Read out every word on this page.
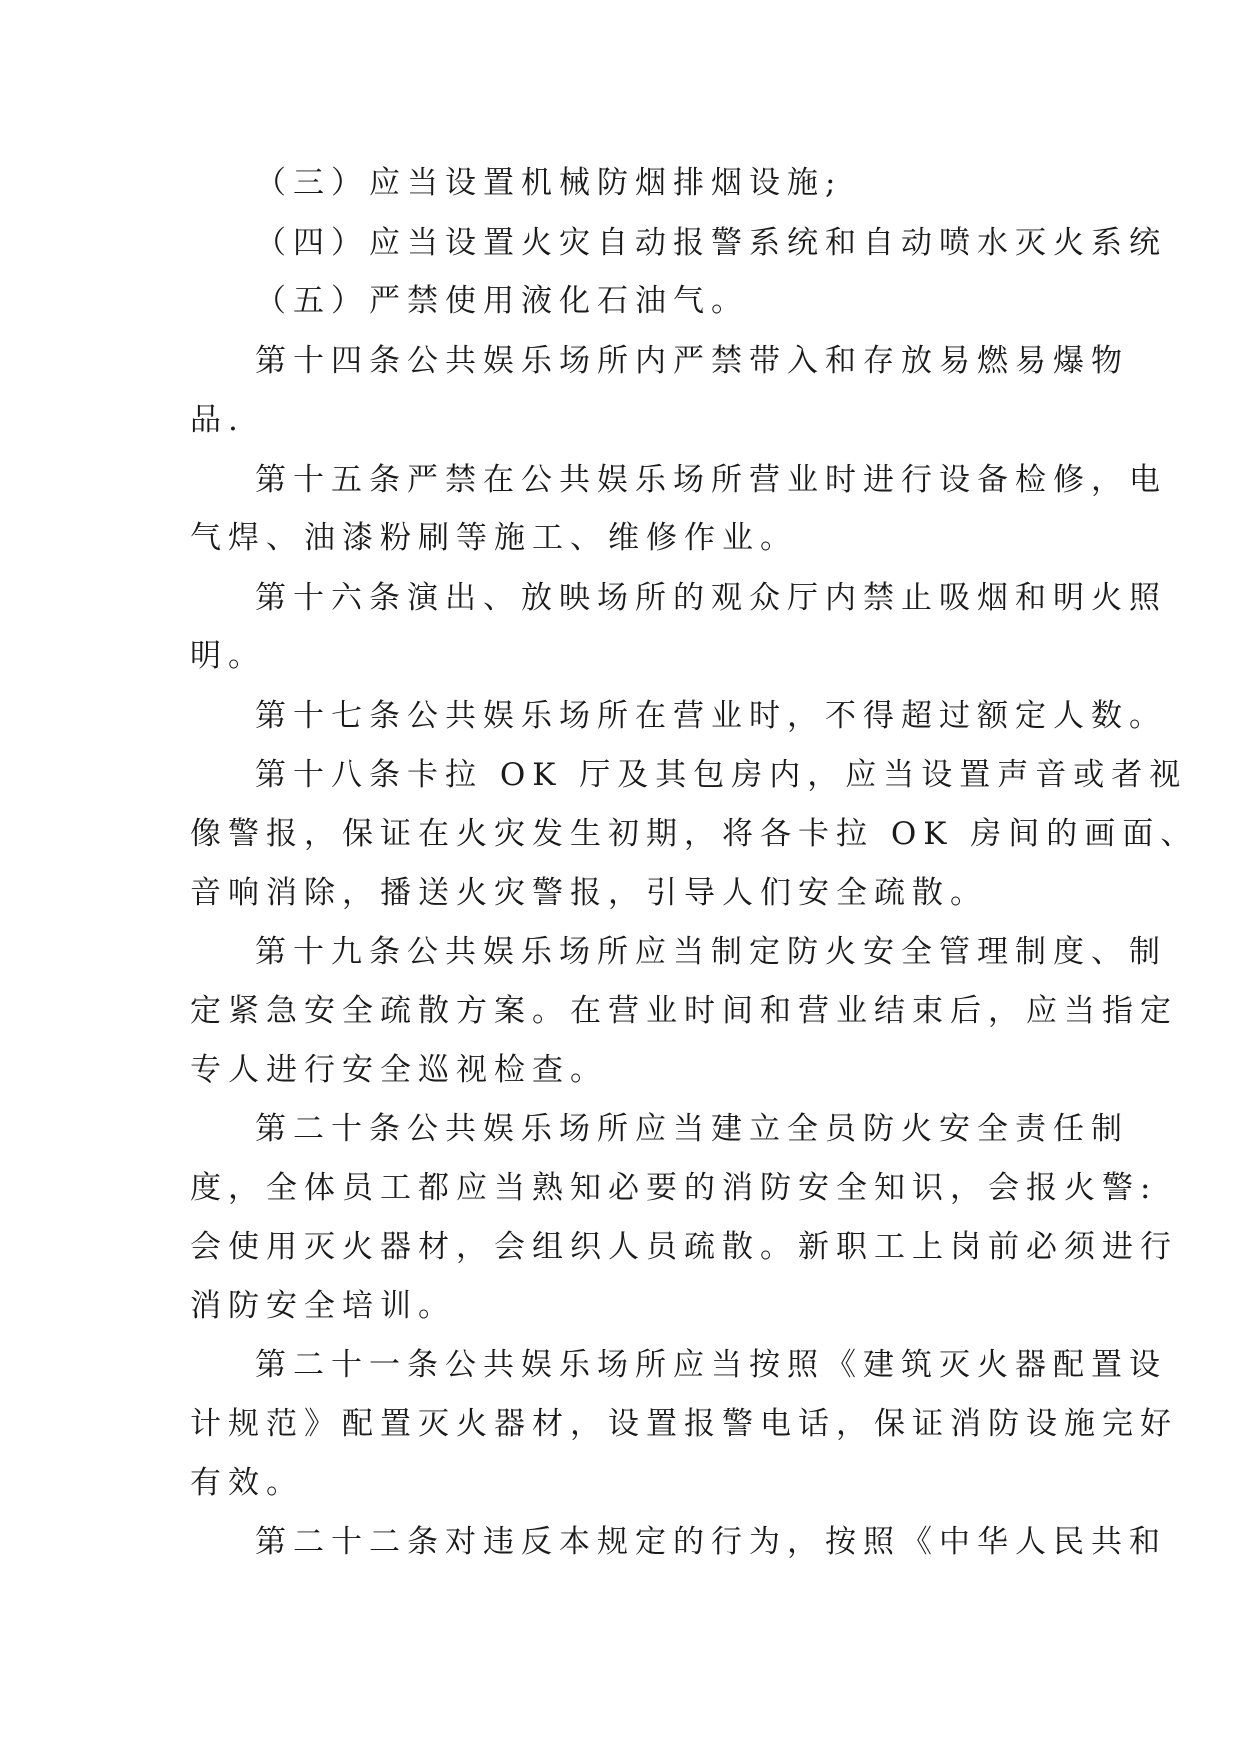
（三）应当设置机械防烟排烟设施;
（四）应当设置火灾自动报警系统和自动喷水灭火系统
（五）严禁使用液化石油气。
第十四条公共娱乐场所内严禁带入和存放易燃易爆物
品.
第十五条严禁在公共娱乐场所营业时进行设备检修，电
气焊、油漆粉刷等施工、维修作业。
第十六条演出、放映场所的观众厅内禁止吸烟和明火照
明。
第十七条公共娱乐场所在营业时，不得超过额定人数。
第十八条卡拉 OK 厅及其包房内，应当设置声音或者视
像警报，保证在火灾发生初期，将各卡拉 OK 房间的画面、
音响消除，播送火灾警报，引导人们安全疏散。
第十九条公共娱乐场所应当制定防火安全管理制度、制
定紧急安全疏散方案。在营业时间和营业结束后，应当指定
专人进行安全巡视检查。
第二十条公共娱乐场所应当建立全员防火安全责任制
度，全体员工都应当熟知必要的消防安全知识，会报火警:
会使用灭火器材，会组织人员疏散。新职工上岗前必须进行
消防安全培训。
第二十一条公共娱乐场所应当按照《建筑灭火器配置设
计规范》配置灭火器材，设置报警电话，保证消防设施完好
有效。
第二十二条对违反本规定的行为，按照《中华人民共和
